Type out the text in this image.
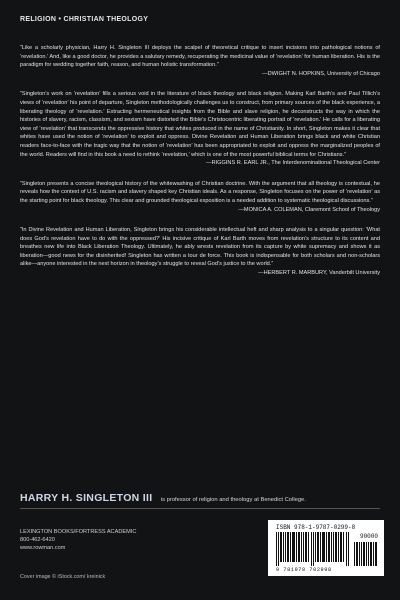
RELIGION • CHRISTIAN THEOLOGY

“Like a scholarly physician, Harry H. Singleton III deploys the scalpel of theoretical critique to insert incisions into pathological notions of ‘revelation.’ And, like a good doctor, he provides a salutary remedy, recuperating the medicinal value of ‘revelation’ for human liberation. His is the paradigm for wedding together faith, reason, and human holistic transformation.”

—DWIGHT N. HOPKINS, University of Chicago

“Singleton’s work on ‘revelation’ fills a serious void in the literature of black theology and black religion. Making Karl Barth’s and Paul Tillich’s views of ‘revelation’ his point of departure, Singleton methodologically challenges us to construct, from primary sources of the black experience, a liberating theology of ‘revelation.’ Extracting hermeneutical insights from the Bible and slave religion, he deconstructs the way in which the histories of slavery, racism, classism, and sexism have distorted the Bible’s Christocentric liberating portrait of ‘revelation.’ He calls for a liberating view of ‘revelation’ that transcends the oppressive history that whites produced in the name of Christianity. In short, Singleton makes it clear that whites have used the notion of ‘revelation’ to exploit and oppress. Divine Revelation and Human Liberation brings black and white Christian readers face-to-face with the tragic way that the notion of ‘revelation’ has been appropriated to exploit and oppress the marginalized peoples of the world. Readers will find in this book a need to rethink ‘revelation,’ which is one of the most powerful biblical terms for Christians.”

—RIGGINS R. EARL JR., The Interdenominational Theological Center

“Singleton presents a concise theological history of the whitewashing of Christian doctrine. With the argument that all theology is contextual, he reveals how the context of U.S. racism and slavery shaped key Christian ideals. As a response, Singleton focuses on the power of ‘revelation’ as the starting point for black theology. This clear and grounded theological exposition is a needed addition to systematic theological discussions.”

—MONICA A. COLEMAN, Claremont School of Theology

“In Divine Revelation and Human Liberation, Singleton brings his considerable intellectual heft and sharp analysis to a singular question: ‘What does God’s revelation have to do with the oppressed?’ His incisive critique of Karl Barth moves from revelation’s structure to its content and breathes new life into Black Liberation Theology. Ultimately, he ably wrests revelation from its capture by white supremacy and shows it as liberation—good news for the disinherited! Singleton has written a tour de force. This book is indispensable for both scholars and non-scholars alike—anyone interested in the next horizon in theology’s struggle to reveal God’s justice to the world.”

—HERBERT R. MARBURY, Vanderbilt University
HARRY H. SINGLETON III is professor of religion and theology at Benedict College.
LEXINGTON BOOKS/FORTRESS ACADEMIC
800-462-6420
www.rowman.com
Cover image © iStock.com/ kreinick
ISBN 978-1-9787-0299-8
90000
9 781978 702998
